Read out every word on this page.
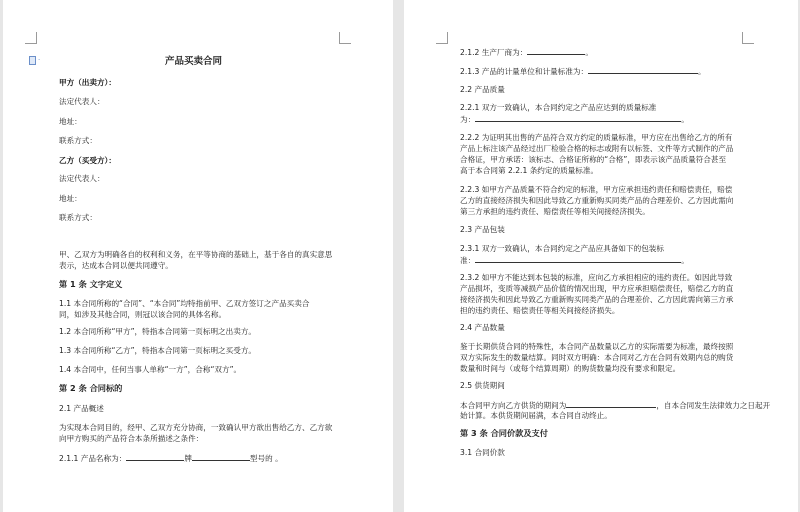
·	产品买卖合同
甲方（出卖方）：
法定代表人：
地址：
联系方式：
乙方（买受方）：
法定代表人：
地址：
联系方式：
甲、乙双方为明确各自的权利和义务，在平等协商的基础上，基于各自的真实意思
表示，达成本合同以便共同遵守。
第 1 条 文字定义
1.1 本合同所称的“合同”、“本合同”均特指前甲、乙双方签订之产品买卖合
同，如涉及其他合同，则冠以该合同的具体名称。
1.2 本合同所称“甲方”，特指本合同第一页标明之出卖方。
1.3 本合同所称“乙方”，特指本合同第一页标明之买受方。
1.4 本合同中，任何当事人单称“一方”，合称“双方”。
第 2 条 合同标的
2.1 产品概述
为实现本合同目的，经甲、乙双方充分协商，一致确认甲方欲出售给乙方、乙方欲
向甲方购买的产品符合本条所描述之条件：
2.1.1 产品名称为：	牌	型号的 。
2.1.2 生产厂商为：	。
2.1.3 产品的计量单位和计量标准为：	。
2.2 产品质量
2.2.1 双方一致确认，本合同约定之产品应达到的质量标准
为：	。
2.2.2 为证明其出售的产品符合双方约定的质量标准，甲方应在出售给乙方的所有
产品上标注该产品经过出厂检验合格的标志或附有以标签、文件等方式制作的产品
合格证，甲方承诺：该标志、合格证所称的“合格”，即表示该产品质量符合甚至
高于本合同第 2.2.1 条约定的质量标准。
2.2.3 如甲方产品质量不符合约定的标准，甲方应承担违约责任和赔偿责任，赔偿
乙方的直接经济损失和因此导致乙方重新购买同类产品的合理差价、乙方因此需向
第三方承担的违约责任、赔偿责任等相关间接经济损失。
2.3 产品包装
2.3.1 双方一致确认，本合同约定之产品应具备如下的包装标
准：	。
2.3.2 如甲方不能达到本包装的标准，应向乙方承担相应的违约责任。如因此导致
产品损坏，变质等减损产品价值的情况出现，甲方应承担赔偿责任，赔偿乙方的直
接经济损失和因此导致乙方重新购买同类产品的合理差价、乙方因此需向第三方承
担的违约责任、赔偿责任等相关间接经济损失。
2.4 产品数量
鉴于长期供货合同的特殊性，本合同产品数量以乙方的实际需要为标准，最终按照
双方实际发生的数量结算。同时双方明确：本合同对乙方在合同有效期内总的购货
数量和时间与（或每个结算周期）的购货数量均没有要求和限定。
2.5 供货期间
本合同甲方向乙方供货的期间为	，自本合同发生法律效力之日起开
始计算。本供货期间届满，本合同自动终止。
第 3 条 合同价款及支付
3.1 合同价款
